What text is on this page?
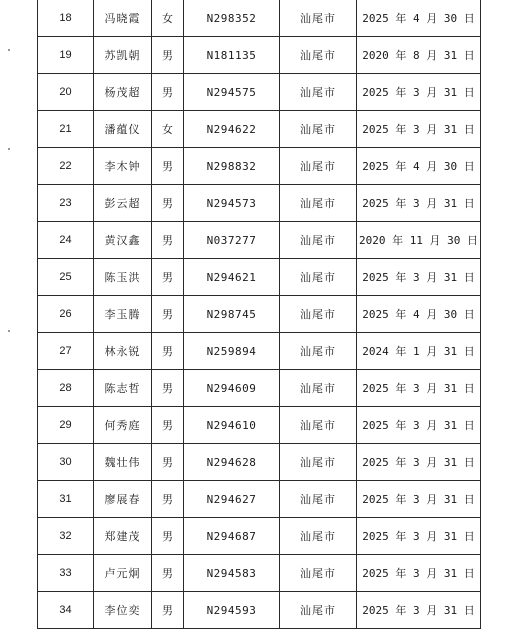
18	冯晓霞	女	N298352	汕尾市	2025 年 4 月 30 日
19	苏凯朝	男	N181135	汕尾市	2020 年 8 月 31 日
20	杨茂超	男	N294575	汕尾市	2025 年 3 月 31 日
21	潘蕴仪	女	N294622	汕尾市	2025 年 3 月 31 日
22	李木钟	男	N298832	汕尾市	2025 年 4 月 30 日
23	彭云超	男	N294573	汕尾市	2025 年 3 月 31 日
24	黄汉鑫	男	N037277	汕尾市	2020 年 11 月 30 日
25	陈玉洪	男	N294621	汕尾市	2025 年 3 月 31 日
26	李玉腾	男	N298745	汕尾市	2025 年 4 月 30 日
27	林永锐	男	N259894	汕尾市	2024 年 1 月 31 日
28	陈志哲	男	N294609	汕尾市	2025 年 3 月 31 日
29	何秀庭	男	N294610	汕尾市	2025 年 3 月 31 日
30	魏壮伟	男	N294628	汕尾市	2025 年 3 月 31 日
31	廖展春	男	N294627	汕尾市	2025 年 3 月 31 日
32	郑建茂	男	N294687	汕尾市	2025 年 3 月 31 日
33	卢元炯	男	N294583	汕尾市	2025 年 3 月 31 日
34	李位奕	男	N294593	汕尾市	2025 年 3 月 31 日
